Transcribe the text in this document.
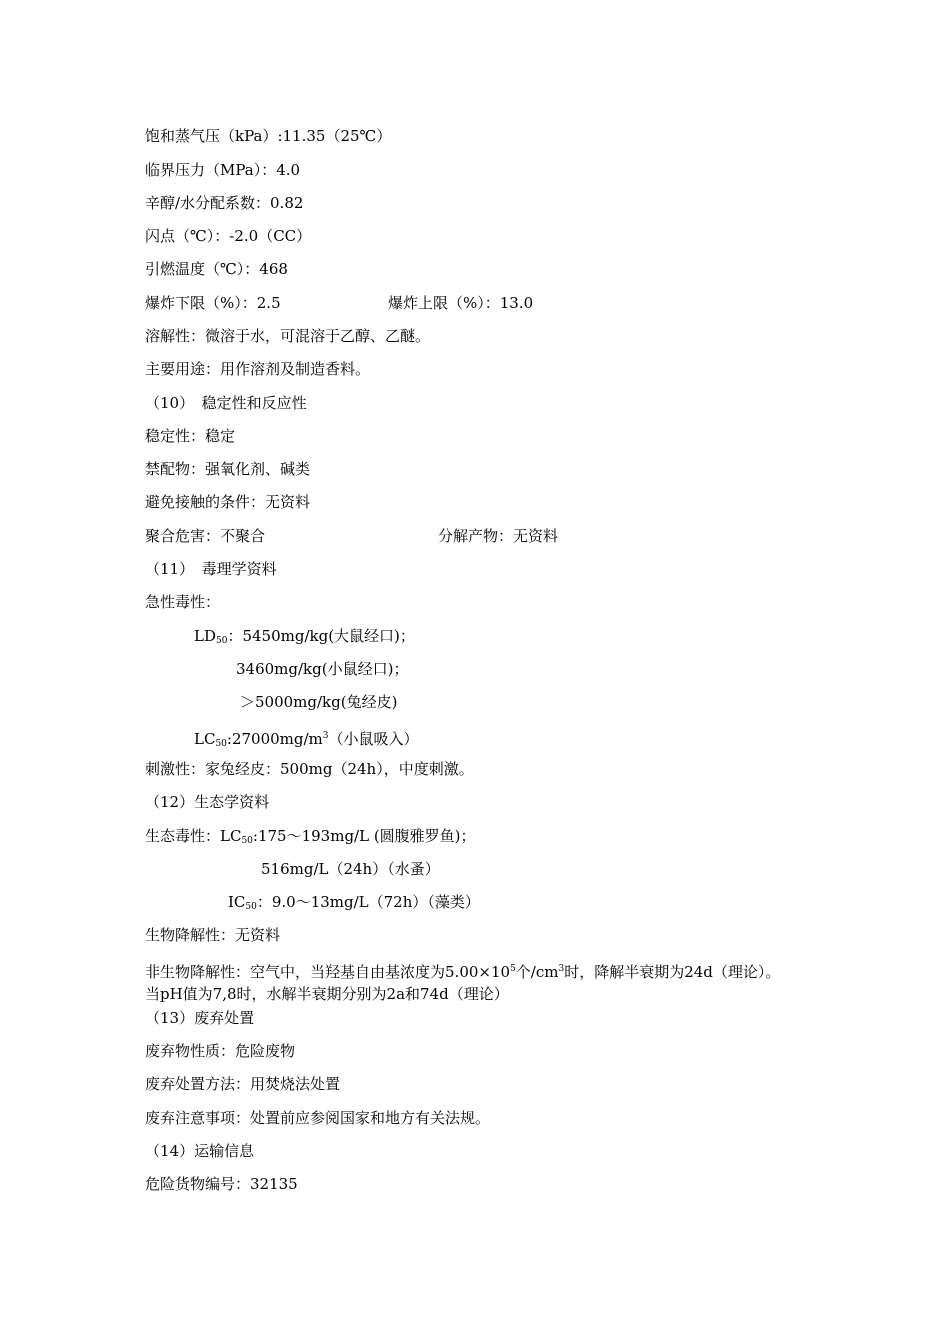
饱和蒸气压（kPa）:11.35（25℃）
临界压力（MPa）：4.0
辛醇/水分配系数：0.82
闪点（℃）：-2.0（CC）
引燃温度（℃）：468
爆炸下限（%）：2.5	爆炸上限（%）：13.0
溶解性：微溶于水，可混溶于乙醇、乙醚。
主要用途：用作溶剂及制造香料。
（10）　稳定性和反应性
稳定性：稳定
禁配物：强氧化剂、碱类
避免接触的条件：无资料
聚合危害：不聚合	分解产物：无资料
（11）　毒理学资料
急性毒性：
$LD_{50}$：5450mg/kg(大鼠经口)；
3460mg/kg(小鼠经口)；
＞5000mg/kg(兔经皮)
$LC_{50}:27000mg/m^3$（小鼠吸入）
刺激性：家兔经皮：500mg（24h），中度刺激。
（12）生态学资料
生态毒性：$LC_{50}:175\sim 193mg/L$ (圆腹雅罗鱼)；
516mg/L（24h）（水蚤）
$IC_{50}$：9.0～13mg/L（72h）（藻类）
生物降解性：无资料
非生物降解性：空气中，当羟基自由基浓度为$5.00\times 10^5$个$/cm^3$时，降解半衰期为24d（理论）。
当pH值为7,8时，水解半衰期分别为2a和74d（理论）
（13）废弃处置
废弃物性质：危险废物
废弃处置方法：用焚烧法处置
废弃注意事项：处置前应参阅国家和地方有关法规。
（14）运输信息
危险货物编号：32135
